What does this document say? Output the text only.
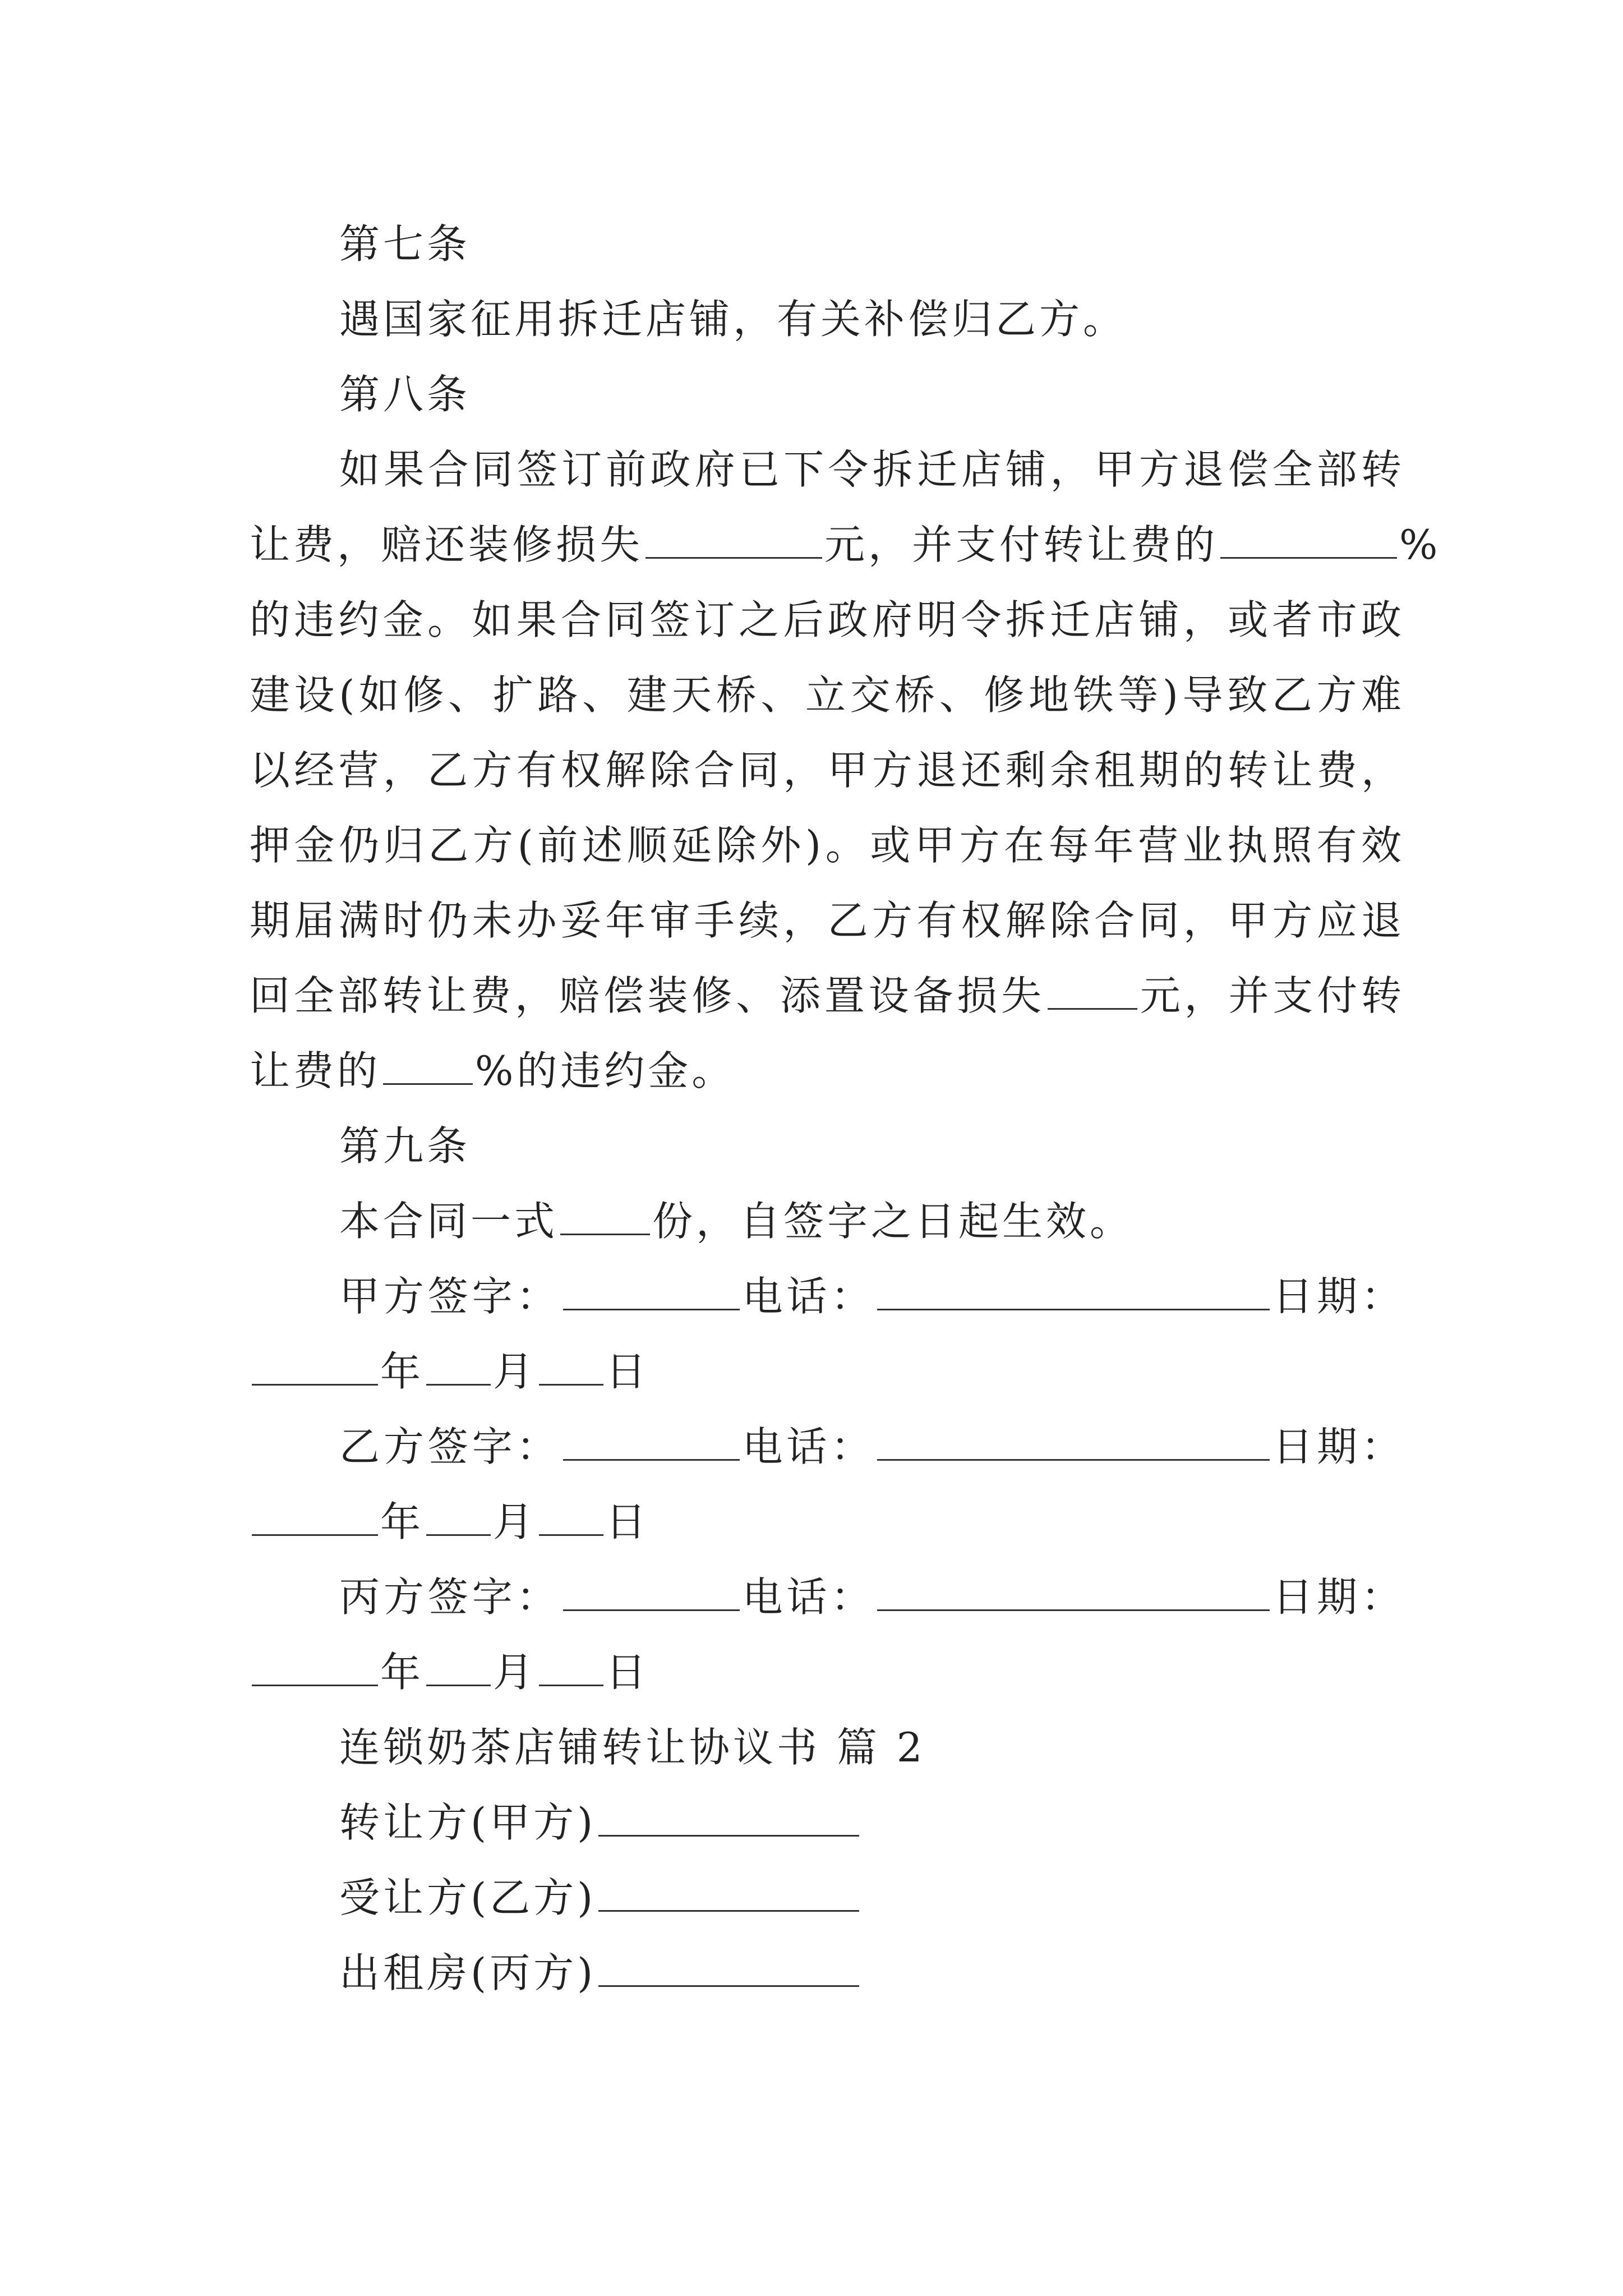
第七条
遇国家征用拆迁店铺，有关补偿归乙方。
第八条
如果合同签订前政府已下令拆迁店铺，甲方退偿全部转
让费，赔还装修损失	元，并支付转让费的	%
的违约金。如果合同签订之后政府明令拆迁店铺，或者市政
建设(如修、扩路、建天桥、立交桥、修地铁等)导致乙方难
以经营，乙方有权解除合同，甲方退还剩余租期的转让费，
押金仍归乙方(前述顺延除外)。或甲方在每年营业执照有效
期届满时仍未办妥年审手续，乙方有权解除合同，甲方应退
回全部转让费，赔偿装修、添置设备损失 元，并支付转
让费的 %的违约金。
第九条
本合同一式 份，自签字之日起生效。
甲方签字：	电话：	日期：
年 月 日
乙方签字：	电话：	日期：
年 月 日
丙方签字：	电话：	日期：
年 月 日
连锁奶茶店铺转让协议书 篇 2
转让方(甲方)
受让方(乙方)
出租房(丙方)
